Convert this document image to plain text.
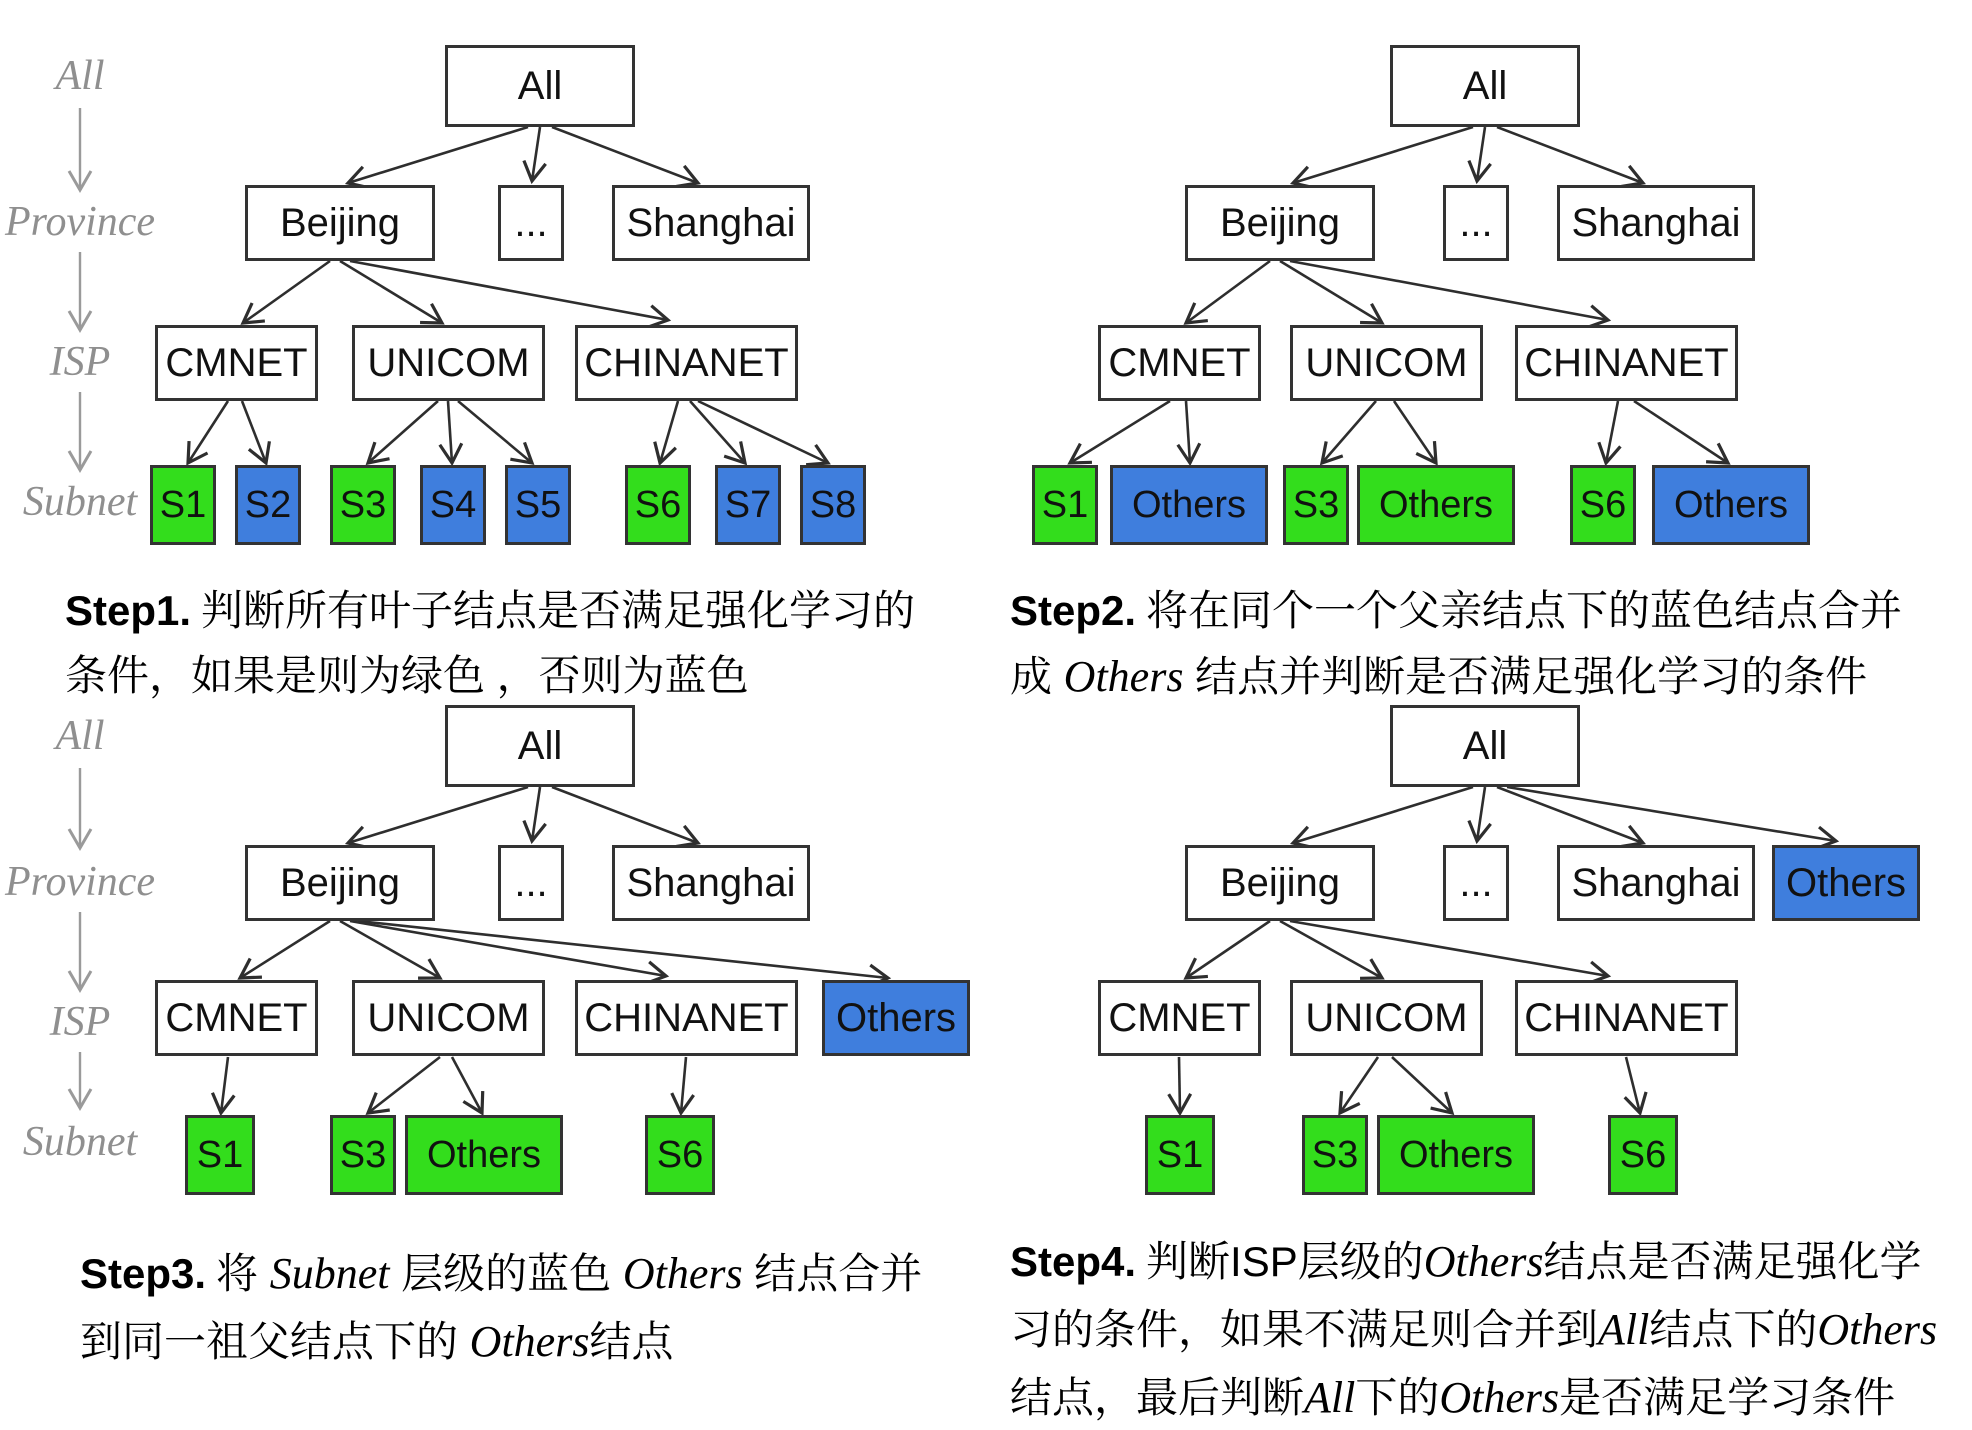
All
Province
ISP
Subnet
All
Province
ISP
Subnet
All
Beijing	...	Shanghai
CMNET	UNICOM	CHINANET
S1 S2 S3 S4 S5 S6 S7 S8
All
Beijing	...	Shanghai
CMNET	UNICOM	CHINANET
S1	Others	S3	Others	S6	Others
All
Beijing	...	Shanghai
CMNET	UNICOM	CHINANET	Others
S1	S3	Others	S6
All
Beijing	...	Shanghai	Others
CMNET	UNICOM	CHINANET
S1	S3	Others	S6
Step1. 判断所有叶子结点是否满足强化学习的条件，如果是则为绿色 ，否则为蓝色
Step2. 将在同个一个父亲结点下的蓝色结点合并成 Others 结点并判断是否满足强化学习的条件
Step3. 将 Subnet 层级的蓝色 Others 结点合并到同一祖父结点下的 Others结点
Step4. 判断ISP层级的Others结点是否满足强化学习的条件，如果不满足则合并到All结点下的Others结点，最后判断All下的Others是否满足学习条件
